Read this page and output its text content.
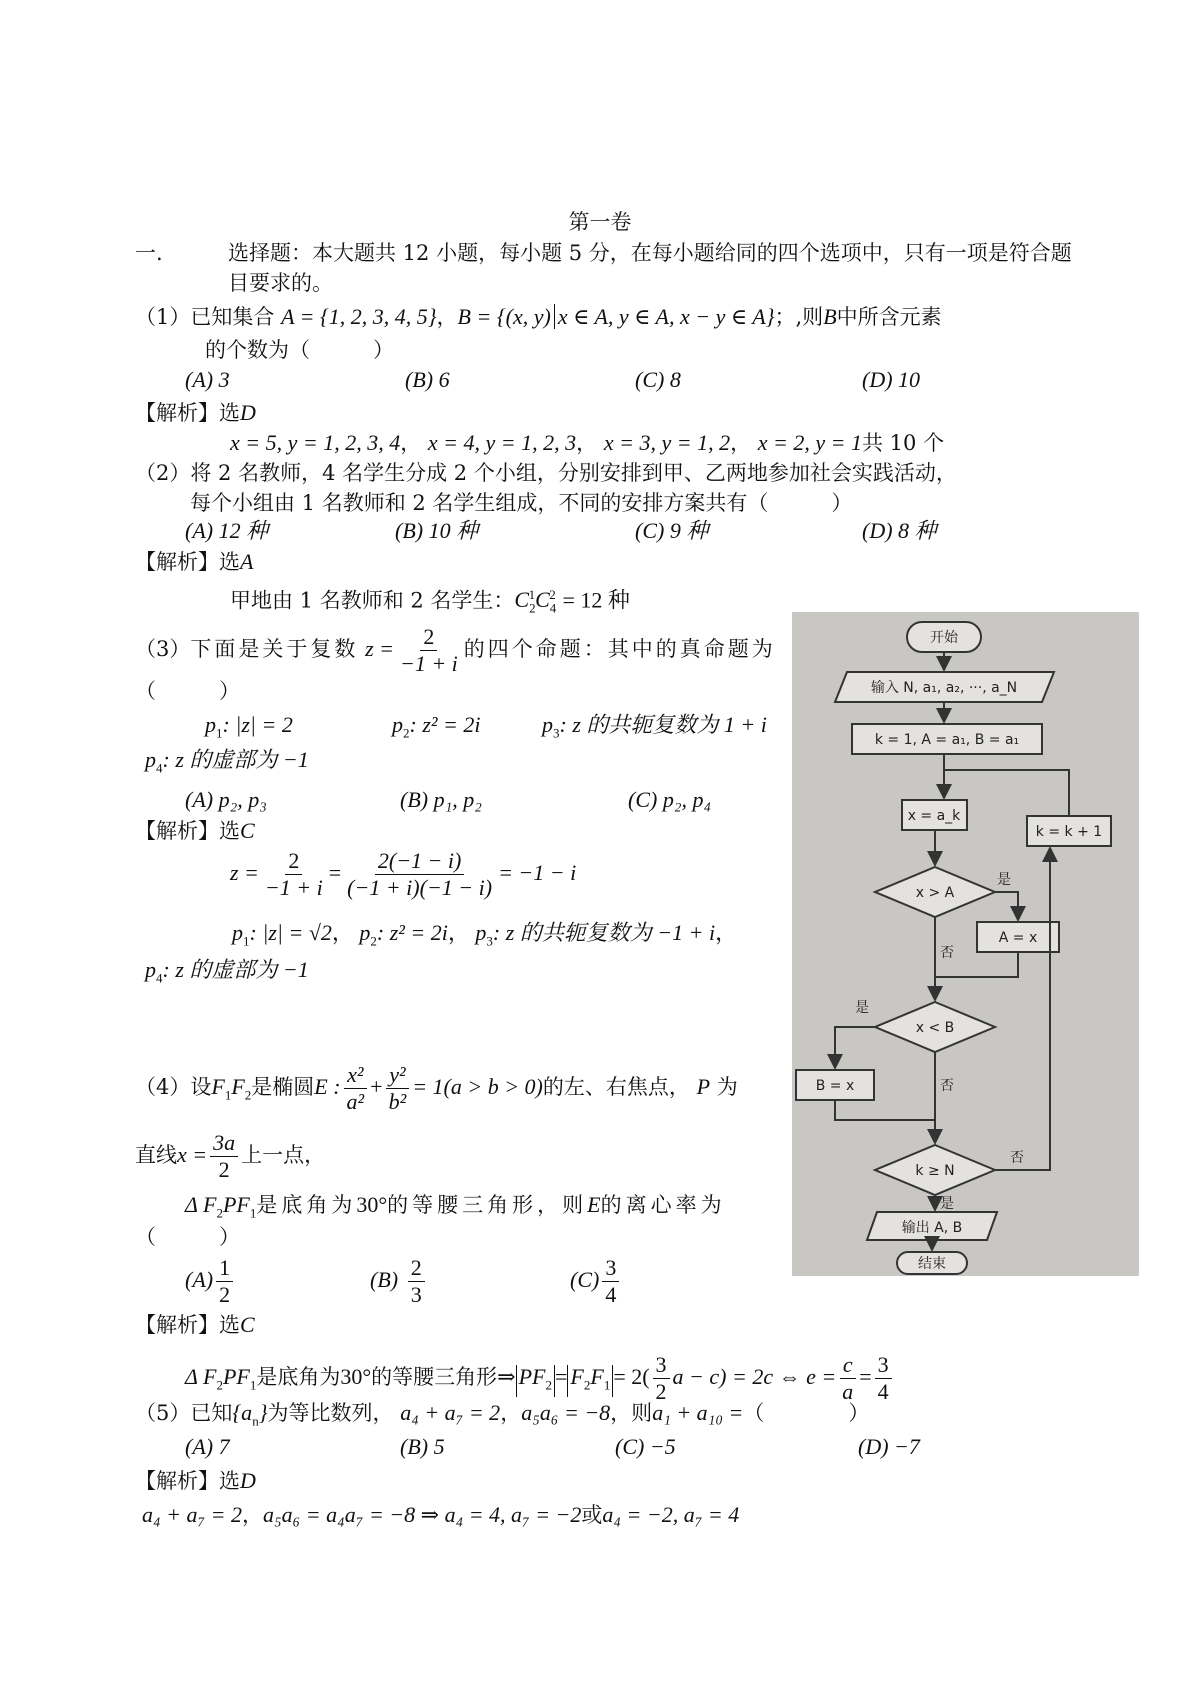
第一卷
一.	选择题：本大题共 12 小题，每小题 5 分，在每小题给同的四个选项中，只有一项是符合题
目要求的。
（1）已知集合 A = {1, 2, 3, 4, 5}，B = {(x, y) x ∈ A, y ∈ A, x − y ∈ A}；,则B中所含元素
的个数为（　　　）
(A) 3	(B) 6	(C) 8	(D) 10
【解析】选D
x = 5, y = 1, 2, 3, 4， x = 4, y = 1, 2, 3， x = 3, y = 1, 2， x = 2, y = 1共 10 个
（2）将 2 名教师，4 名学生分成 2 个小组，分别安排到甲、乙两地参加社会实践活动，
每个小组由 1 名教师和 2 名学生组成，不同的安排方案共有（　　　）
(A) 12 种	(B) 10 种	(C) 9 种	(D) 8 种
【解析】选A
甲地由 1 名教师和 2 名学生：$C_2^1C_4^2 = 12$ 种
（3）下面是关于复数 $z = \frac{2}{-1 + i}$ 的四个命题：其中的真命题为
（　　　）
$p_1$: |z| = 2	$p_2$: z² = 2i	$p_3$: z 的共轭复数为 1 + i
$p_4$: z 的虚部为 −1
(A) p₂, p₃	(B) p₁, p₂	(C) p₂, p₄
【解析】选C
$z = \frac{2}{-1 + i} = \frac{2(-1 - i)}{(-1 + i)(-1 - i)} = -1 - i$
$p_1$: |z| = √2， $p_2$: z² = 2i， $p_3$: z 的共轭复数为 −1 + i，
$p_4$: z 的虚部为 −1
（4）设$F_1F_2$是椭圆E : $\frac{\text{x²}}{\text{a²}} + \frac{\text{y²}}{\text{b²}} = 1(a > b > 0)$的左、右焦点， P 为
直线$x = \frac{3a}{2}$ 上一点，
Δ $F_2PF_1$是底角为30°的等腰三角形，则E的离心率为
（　　　）
$(A) \frac{1}{2}$	$(B) \frac{2}{3}$	$(C) \frac{3}{4}$
【解析】选C
Δ $F_2PF_1$是底角为30°的等腰三角形⇒ $PF_2 = F_2F_1 = 2( \frac{3}{2}$ a − c) = 2c ⇔ $e = \frac{c}{a} = \frac{3}{4}$
（5）已知$\{a_n\}$为等比数列， a₄ + a₇ = 2，a₅a₆ = −8，则a₁ + a₁₀ =（　　　　）
(A) 7	(B) 5	(C) −5	(D) −7
【解析】选D
a₄ + a₇ = 2，a₅a₆ = a₄a₇ = −8 ⇒ a₄ = 4, a₇ = −2或a₄ = −2, a₇ = 4
开始
输入 N, a₁, a₂, ···, a_N
k = 1, A = a₁, B = a₁
x = a_k
k = k + 1
x > A
是
A = x
否
x < B
是
B = x	否
k ≥ N
否
是
输出 A, B
结束
